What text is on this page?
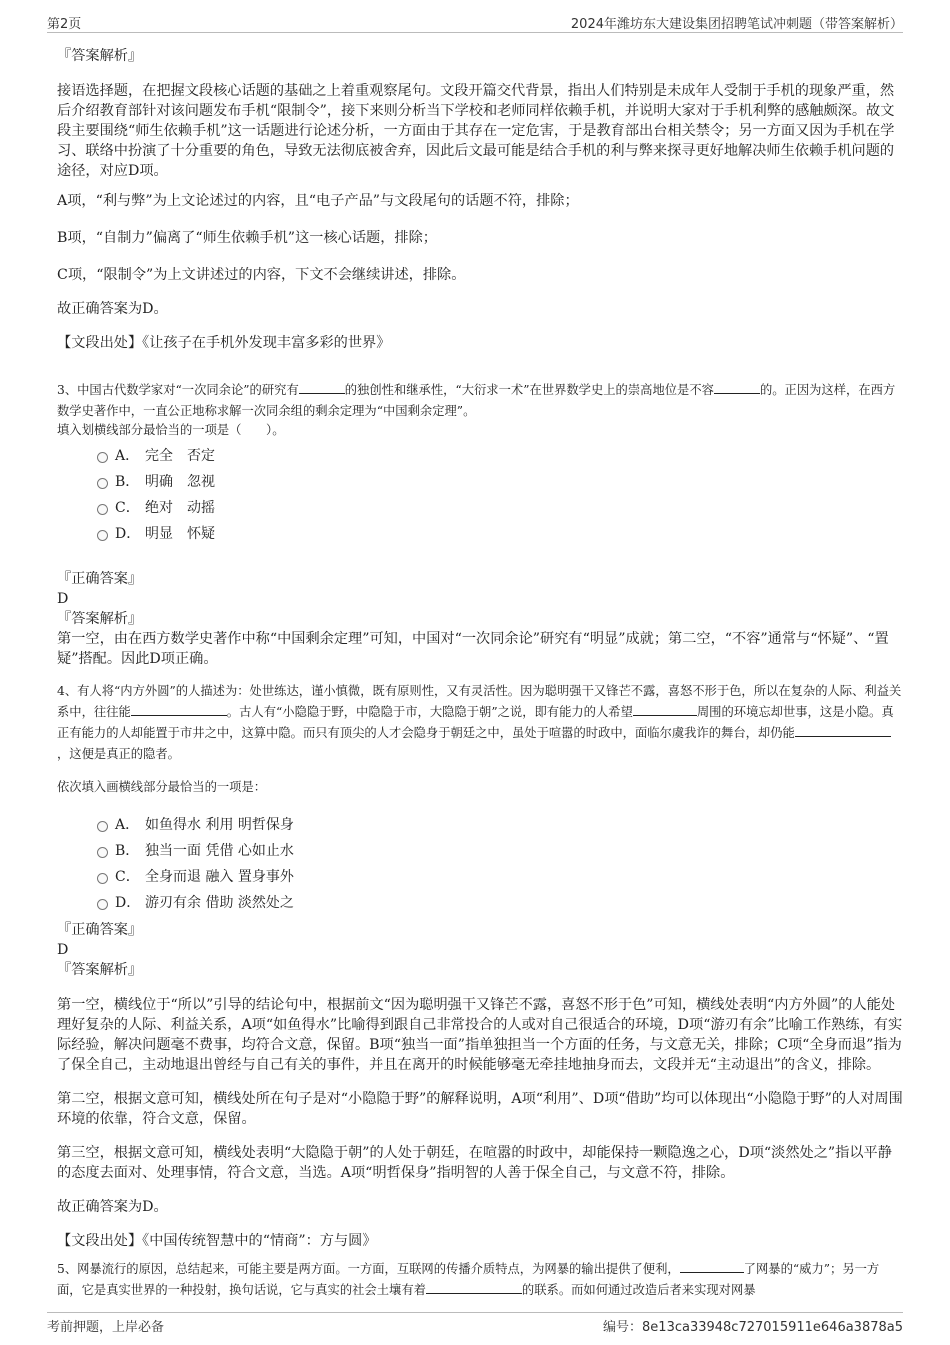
第2页	2024年潍坊东大建设集团招聘笔试冲刺题（带答案解析）

『答案解析』

接语选择题，在把握文段核心话题的基础之上着重观察尾句。文段开篇交代背景，指出人们特别是未成年人受制于手机的现象严重，然后介绍教育部针对该问题发布手机“限制令”，接下来则分析当下学校和老师同样依赖手机，并说明大家对于手机利弊的感触颇深。故文段主要围绕“师生依赖手机”这一话题进行论述分析，一方面由于其存在一定危害，于是教育部出台相关禁令；另一方面又因为手机在学习、联络中扮演了十分重要的角色，导致无法彻底被舍弃，因此后文最可能是结合手机的利与弊来探寻更好地解决师生依赖手机问题的途径，对应D项。

A项，“利与弊”为上文论述过的内容，且“电子产品”与文段尾句的话题不符，排除；

B项，“自制力”偏离了“师生依赖手机”这一核心话题，排除；

C项，“限制令”为上文讲述过的内容，下文不会继续讲述，排除。

故正确答案为D。

【文段出处】《让孩子在手机外发现丰富多彩的世界》

3、中国古代数学家对“一次同余论”的研究有	的独创性和继承性，“大衍求一术”在世界数学史上的崇高地位是不容	的。正因为这样，在西方数学史著作中，一直公正地称求解一次同余组的剩余定理为“中国剩余定理”。

填入划横线部分最恰当的一项是（　　）。

A． 完全　否定
B． 明确　忽视
C． 绝对　动摇
D． 明显　怀疑

『正确答案』

D

『答案解析』

第一空，由在西方数学史著作中称“中国剩余定理”可知，中国对“一次同余论”研究有“明显”成就；第二空，“不容”通常与“怀疑”、“置疑”搭配。因此D项正确。

4、有人将“内方外圆”的人描述为：处世练达，谨小慎微，既有原则性，又有灵活性。因为聪明强干又锋芒不露，喜怒不形于色，所以在复杂的人际、利益关系中，往往能	。古人有“小隐隐于野，中隐隐于市，大隐隐于朝”之说，即有能力的人希望	周围的环境忘却世事，这是小隐。真正有能力的人却能置于市井之中，这算中隐。而只有顶尖的人才会隐身于朝廷之中，虽处于喧嚣的时政中，面临尔虞我诈的舞台，却仍能，这便是真正的隐者。

依次填入画横线部分最恰当的一项是：

A． 如鱼得水 利用 明哲保身
B． 独当一面 凭借 心如止水
C． 全身而退 融入 置身事外
D． 游刃有余 借助 淡然处之

『正确答案』

D

『答案解析』

第一空，横线位于“所以”引导的结论句中，根据前文“因为聪明强干又锋芒不露，喜怒不形于色”可知，横线处表明“内方外圆”的人能处理好复杂的人际、利益关系，A项“如鱼得水”比喻得到跟自己非常投合的人或对自己很适合的环境，D项“游刃有余”比喻工作熟练，有实际经验，解决问题毫不费事，均符合文意，保留。B项“独当一面”指单独担当一个方面的任务，与文意无关，排除；C项“全身而退”指为了保全自己，主动地退出曾经与自己有关的事件，并且在离开的时候能够毫无牵挂地抽身而去，文段并无“主动退出”的含义，排除。

第二空，根据文意可知，横线处所在句子是对“小隐隐于野”的解释说明，A项“利用”、D项“借助”均可以体现出“小隐隐于野”的人对周围环境的依靠，符合文意，保留。

第三空，根据文意可知，横线处表明“大隐隐于朝”的人处于朝廷，在喧嚣的时政中，却能保持一颗隐逸之心，D项“淡然处之”指以平静的态度去面对、处理事情，符合文意，当选。A项“明哲保身”指明智的人善于保全自己，与文意不符，排除。

故正确答案为D。

【文段出处】《中国传统智慧中的“情商”：方与圆》

5、网暴流行的原因，总结起来，可能主要是两方面。一方面，互联网的传播介质特点，为网暴的输出提供了便利，	了网暴的“威力”；另一方面，它是真实世界的一种投射，换句话说，它与真实的社会土壤有着	的联系。而如何通过改造后者来实现对网暴

考前押题，上岸必备	编号：8e13ca33948c727015911e646a3878a5
